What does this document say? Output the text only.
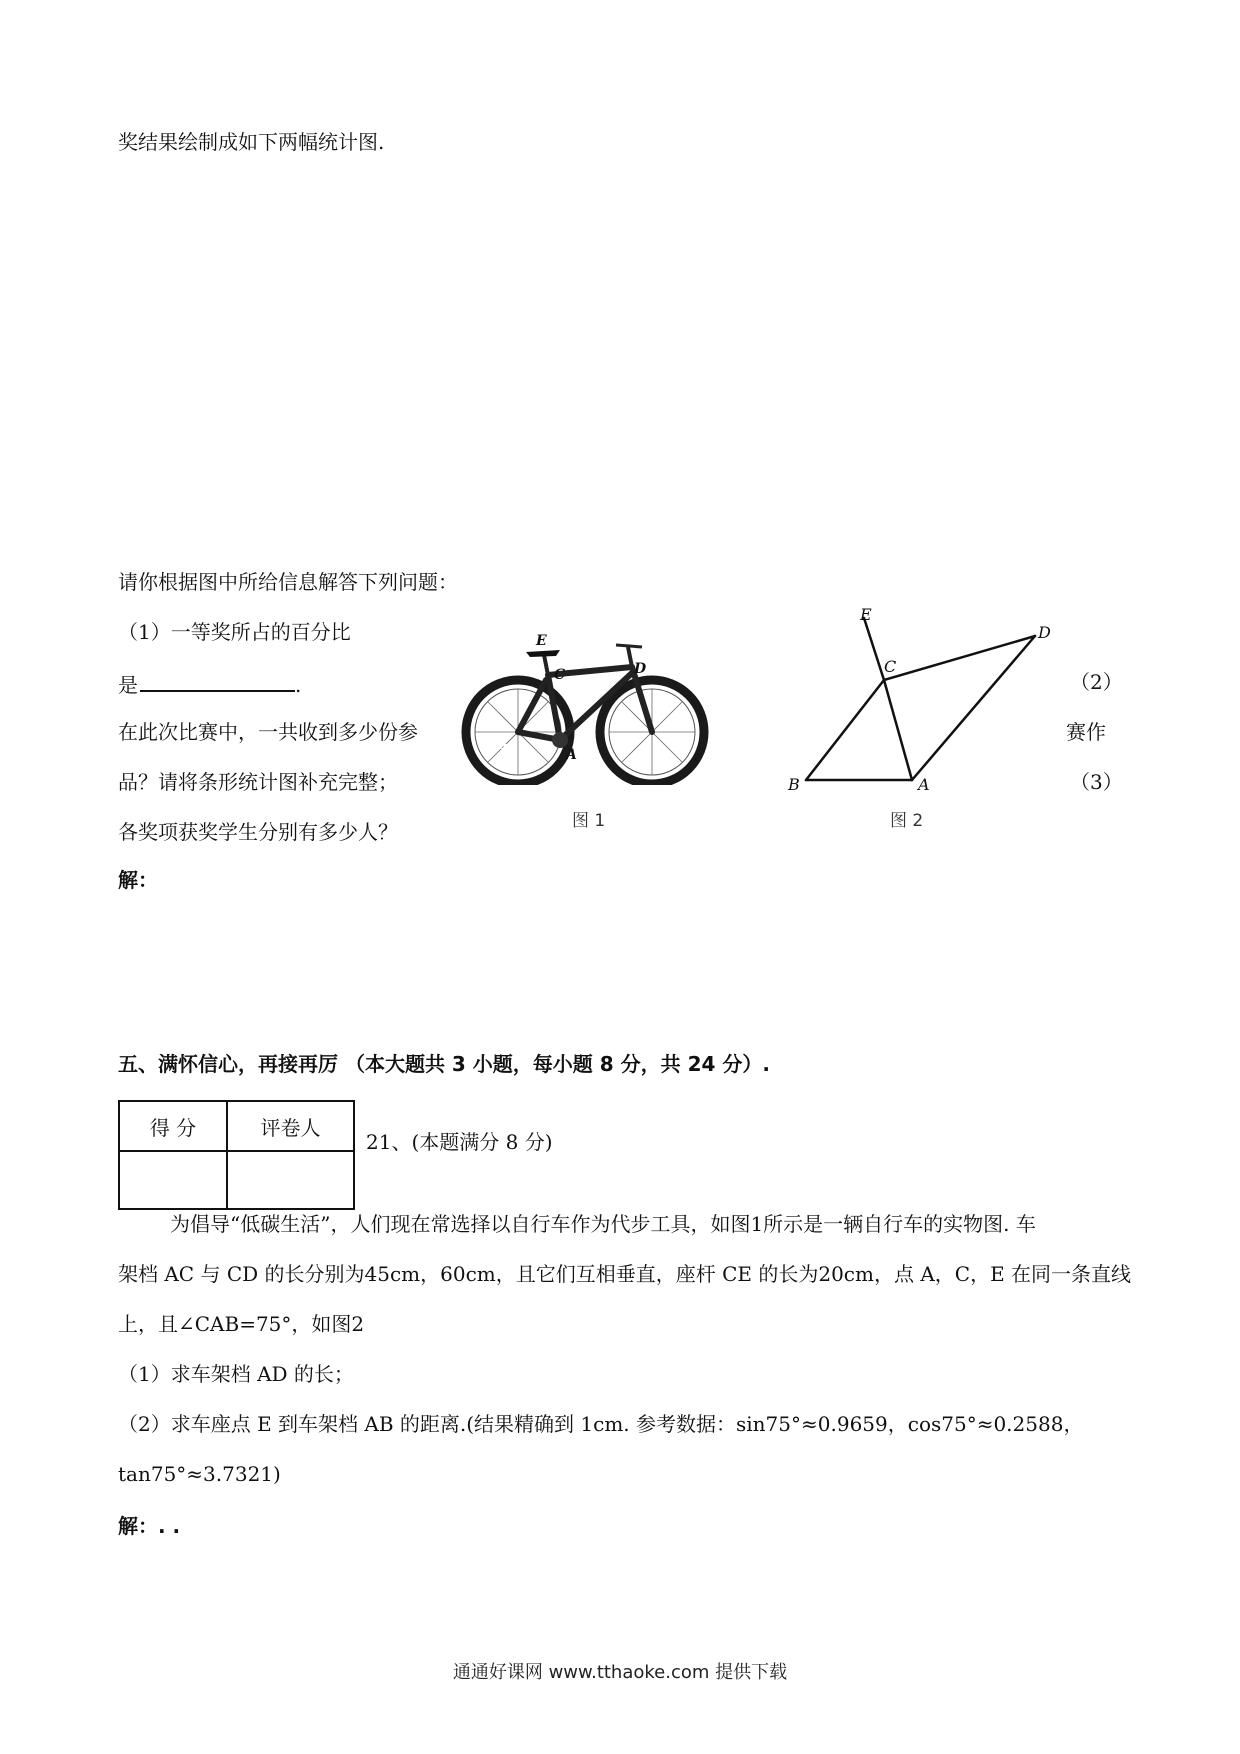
奖结果绘制成如下两幅统计图.
请你根据图中所给信息解答下列问题：
（1）一等奖所占的百分比
是	.	（2）
在此次比赛中，一共收到多少份参	赛作
品？请将条形统计图补充完整；	（3）
各奖项获奖学生分别有多少人？
解：
E
C	D
B
A
图 1
E
C
D
B	A
图 2
五、满怀信心，再接再厉 （本大题共 3 小题，每小题 8 分，共 24 分）.
得 分	评卷人

21、(本题满分 8 分)
为倡导“低碳生活”，人们现在常选择以自行车作为代步工具，如图1所示是一辆自行车的实物图. 车
架档 AC 与 CD 的长分别为45cm，60cm，且它们互相垂直，座杆 CE 的长为20cm，点 A，C，E 在同一条直线
上，且∠CAB=75°，如图2
（1）求车架档 AD 的长；
（2）求车座点 E 到车架档 AB 的距离.(结果精确到 1cm. 参考数据：sin75°≈0.9659，cos75°≈0.2588，
tan75°≈3.7321)
解：. .
通通好课网 www.tthaoke.com 提供下载
